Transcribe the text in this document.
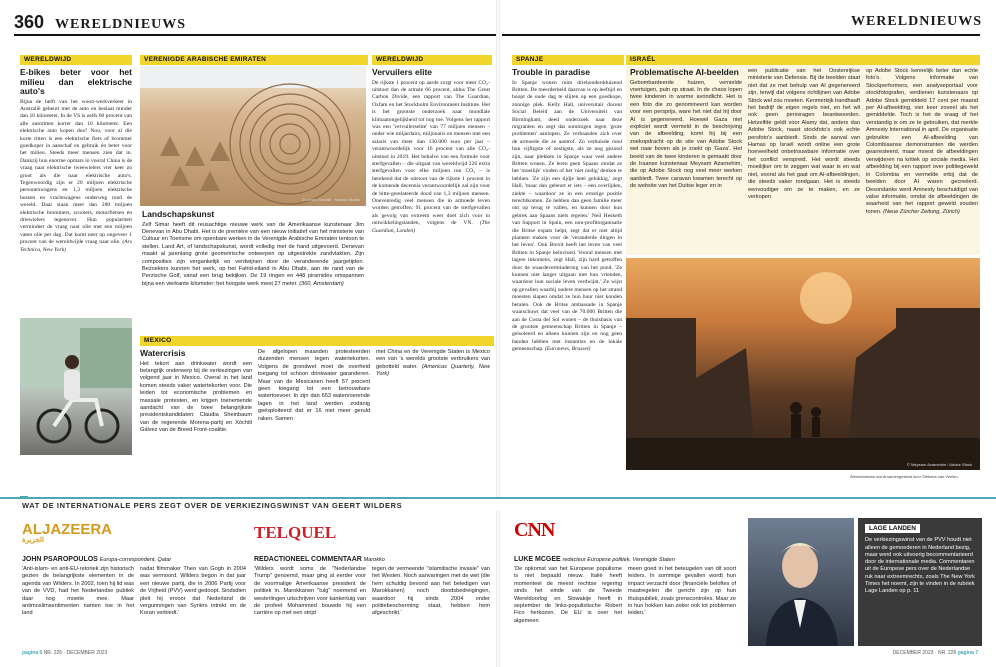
360 WERELDNIEUWS
WERELDWIJD
E-bikes beter voor het milieu dan elektrische auto's
Bijna de helft van het woon-werkverkeer in Australië gebeurt met de auto en beslaat minder dan 10 kilometer. In de VS is zelfs 60 procent van alle autoritten korter dan 10 kilometer. Een elektrische auto kopen dus? Nou, voor al die korte ritten is een elektrische fiets of brommer goedkoper in aanschaf en gebruik én beter voor het milieu. Steeds meer mensen zien dat in. Dankzij hun enorme opmars in vooral China is de vraag naar elektrische tweewielers vier keer zo groot als die naar elektrische auto's. Tegenwoordig zijn er 20 miljoen elektrische personenwagens en 1,3 miljoen elektrische bussen en vrachtwagens onderweg rond de wereld. Daar staan meer dan 280 miljoen elektrische brommers, scooters, motorfietsen en driewielers tegenover. Hun populariteit vermindert de vraag naar olie met een miljoen vaten olie per dag. Dat komt neer op ongeveer 1 procent van de wereldwijde vraag naar olie. (Ars Technica, New York)
VERENIGDE ARABISCHE EMIRATEN
© Leono Svinaki · Marian Munilo
Landschapskunst
Zelf Simar heeft dit reusachtige nieuwe werk van de Amerikaanse kunstenaar Jim Denevan in Abu Dhabi. Het is de première van een nieuw initiatief van het ministerie van Cultuur en Toerisme om openbare werken in de Verenigde Arabische Emiraten tentoon te stellen. Land Art, of landschapskunst, wordt volledig met de hand uitgevoerd. Denevan maakt al jarenlang grote geometrische ontwerpen op uitgestrekte zandvlakten. Zijn composities zijn vergankelijk en verdwijnen door de veranderende jaargetijden. Bezoekers kunnen het werk, op het Fahid-eiland in Abu Dhabi, aan de rand van de Perzische Golf, vanaf een brug bekijken. De 19 ringen en 448 piramides omspannen bijna een vierkante kilometer; het hoogste werk meet 27 meter. (360, Amsterdam)
WERELDWIJD
Vervuilers elite
De rijkste 1 procent op aarde zorgt voor meer CO₂-uitstoot dan de armste 66 procent, aldus The Great Carbon Divide, een rapport van The Guardian, Oxfam en het Stockholm Environment Institute. Het is het grootste onderzoek naar mondiale klimaatongelijkheid tot nog toe. Volgens het rapport was een 'vervuilerselite' van 77 miljoen mensen – onder wie miljardairs, miljonairs en mensen met een salaris van meer dan 130.000 euro per jaar – verantwoordelijk voor 16 procent van alle CO₂-uitstoot in 2019. Het behalve van een formule voor sterfgevallen – die uitgaat van wereldwijd 226 extra sterfgevallen voor elke miljoen ton CO₂ – is berekend dat de uitstoot van de rijkste 1 procent in de komende decennia verantwoordelijk zal zijn voor de hitte-gerelateerde dood van 1,3 miljoen mensen. Onevenredig veel mensen die in armoede leven worden getroffen: 91 procent van de sterfgevallen als gevolg van extreem weer doet zich voor in ontwikkelingslanden, volgens de VN. (The Guardian, Londen)
MEXICO
Watercrisis
Het tekort aan drinkwater wordt een belangrijk onderwerp bij de verkiezingen van volgend jaar in Mexico. Overal in het land komen steeds vaker watertekorten voor. Die leiden tot economische problemen en massale protesten, en krijgen toenemende aandacht van de twee belangrijkste presidentskandidaten: Claudia Sheinbaum van de regerende Morena-partij en Xóchitl Gálvez van de Breed Front-coalitie.
De afgelopen maanden protesteerden duizenden mensen tegen watertekorten. Volgens de grondwet moet de overheid toegang tot schoon drinkwater garanderen. Maar van de Mexicanen heeft 57 procent geen toegang tot een betrouwbare watertoevoer. In zijn dan 653 watervoerende lagen in het land werden zodanig geëxploiteerd dat er 16 niet meer geruld raken. Samen
met China en de Verenigde Staten is Mexico een van 's werelds grootste verbruikers van gebotteld water. (Americas Quarterly, New York)
WERELDNIEUWS
SPANJE
Trouble in paradise
In Spanje wonen ruim driehonderdduizend Britten. De meerderheid daarvan is op leeftijd en hoopt de oude dag te slijten op een goedkope, zonnige plek. Kelly Hall, universitair docent Social Beleid aan de Universiteit van Birmingham, deed onderzoek naar deze migranten en zegt dat sommigen tegen 'grote problemen' aanlopen. Ze verbaasden zich over de armoede die ze aantrof. Zo verhuisde rond hun vijftigste of zestigste, als ze nog gezond zijn, naar plekken in Spanje waar veel andere Britten wonen. Ze leren geen Spaans omdat ze het 'moeilijk' vinden of het 'niet nodig' denken te hebben. 'Ze zijn een tijdje heel gelukkig,' zegt Hall, 'maar dan gebeurt er iets – een overlijden, ziekte – waardoor ze in een ernstige positie terechtkomen. Ze hebben dan geen familie meer om op terug te vallen, en kunnen door hun gebrek aan Spaans niets regelen.' Neil Hesketh van Support in Spain, een non-profitorganisatie die Britse expats helpt, zegt dat er niet altijd plannen maken voor de 'veranderde dingen in het leven'. Ook Brexit heeft het leven van veel Britten in Spanje beïnvloed. Vooral mensen met lagere inkomens, zegt Hall, zijn hard getroffen door de waardevermindering van het pond. 'Ze kunnen niet langer uitgaan met hun vrienden, waardoor hun sociale leven verdwijnt.' Ze wijst op gevallen waarbij oudere mensen op het strand moesten slapen omdat ze hun huur niet konden betalen. Ook de Britse ambassade in Spanje waarschuwt dat veel van de 70.000 Britten die aan de Costa del Sol wonen – de thuisbasis van de grootste gemeenschap Britten in Spanje – geïsoleerd en alleen kunnen zijn en nog geen banden hebben met instanties en de lokale gemeenschap. (Euronews, Brussel)
ISRAËL
Problematische AI-beelden
Gebombardeerde huizen, vernielde voertuigen, puin op straat. In de chaos lopen twee kinderen in warme avondlicht. Het is een foto die zo genomineerd kan worden voor een persprijs, ware het niet dat hij door AI is gegenereerd. Hoewel Gaza niet expliciet wordt vermeld in de beschrijving van de afbeelding, komt hij bij een zoekopdracht op de site van Adobe Stock wel naar boven als je zoekt op 'Gaza'. Het beeld van de twee kinderen is gemaakt door de Iraanse kunstenaar Meysam Azarnehim, die op Adobe Stock nog veel meer werken aanbiedt. Twee caravan kwamen terecht op de website van het Duitse leger en in
een publicatie van het Oostenrijkse ministerie van Defensie. Bij de beelden staat niet dat ze met behulp van AI gegenereerd zijn, terwijl dat volgens richtlijnen van Adobe Stock wel zou moeten. Kenmerkijk handhaaft het bedrijf de eigen regels niet, en het wil ook geen persvragen beantwoorden. Hetzelfde geldt voor Alamy dat, anders dan Adobe Stock, naast stockfoto's ook echte persfoto's aanbiedt. Sinds de aanval van Hamas op Israël wordt online een grote hoeveelheid onbetrouwbare informatie over het conflict verspreid. Het wordt steeds moeilijker om te zeggen wat waar is en wat niet, vooral als het gaat om AI-afbeeldingen, die steeds vaker rondgaan. Het is steeds eenvoudiger om ze te maken, en ze verkopen
op Adobe Stock kennelijk beter dan echte foto's. Volgens informatie van Stockperformers, een analyseportaal voor stockfotografen, verdienen kunstenaars op Adobe Stock gemiddeld 17 cent per maand per AI-afbeelding, vier keer zoveel als het gemiddelde. Toch is het de vraag of het verstandig is om ze te gebruiken, dat merkte Amnesty International in april. De organisatie gebruikte een AI-afbeelding van Colombiaanse demonstranten die werden gearresteerd, maar moest de afbeeldingen verwijderen na kritiek op sociale media. Het afbeelding bij een rapport over politiegeweld in Colombia en vermelde erbij dat de beelden door AI waren gecreëerd. Desondanks werd Amnesty beschuldigd van valse informatie, omdat de afbeeldingen de waarheid van het rapport geweld zouden tonen. (Neue Zürcher Zeitung, Zürich)
© Meysam Azarnehim / Adobe Stock
Wereldnieuws wordt samengesteld door Sietsma van Veelen.
WAT DE INTERNATIONALE PERS ZEGT OVER DE VERKIEZINGSWINST VAN GEERT WILDERS
ALJAZEERA
الجزيرة
JOHN PSAROPOULOS Europa-correspondent, Qatar
'Anti-islam- en anti-EU-retoriek zijn historisch gezien de belangrijkste elementen in de agenda van Wilders. In 2002, toen hij lid was van de VVD, had het Nederlandse publiek daar nog moeite mee. Maar antimoslimsentimenten namen toe in het land
nadat filmmaker Theo van Gogh in 2004 was vermoord. Wilders begon in dat jaar een nieuwe partij, die in 2006 Partij voor de Vrijheid (PVV) werd gedoopt. Sindsdien pleit hij ervoor dat Nederland de vergunningen van Syriërs intrekt en de Koran verbiedt.'
TELQUEL
REDACTIONEEL COMMENTAAR Marokko
'Wilders wordt soms de "Nederlandse Trump" genoemd, maar ging al eerder voor de voormalige Amerikaanse president de politiek in. Marokkanen "tuig" noemend en westerlingen uitschrijven voor kankertuig van de profeet Mohammed bouwde hij een carrière op met een strijd
tegen de vermeende "islamitische invasie" van het Westen. Noch aanvaringen met de wet (die hem schuldig bevond aan het beledigen van Marokkanen) noch doodsbedreigingen, waardoor hij sinds 2004 onder politiebescherming staat, hebben hem afgeschrikt.'
CNN
LUKE MCGEE redacteur Europese politiek, Verenigde Staten
'De opkomst van het Europese populisme is niet bepaald nieuw. Italië heeft momenteel de meest rechtse regering sinds het einde van de Tweede Wereldoorlog en Slowakije heeft in september de links-populistische Robert Fico herkozen. De EU is over het algemeen
meen goed in het beteugelen van dit soort leiders. In sommige gevallen wordt hun impact verzacht door (financiële beloftes of maatregelen die gericht zijn op hun thuispubliek, zoals grenscontroles. Maar ze in hun hokken kan zeker ook tot problemen leiden.'
LAGE LANDEN
De verkiezingswinst van de PVV houdt niet alleen de gemoederen in Nederland bezig, maar werd ook uitvoerig becommentarieerd door de internationale media. Commentaren uit de Europese pers over de Nederlandse ruk naar extreemrechts, zoals The New York Times het noemt, zijn te vinden in de rubriek Lage Landen op p. 11
pagina 6 NR. 226 · DECEMBER 2023	DECEMBER 2023 · NR. 226 pagina 7
